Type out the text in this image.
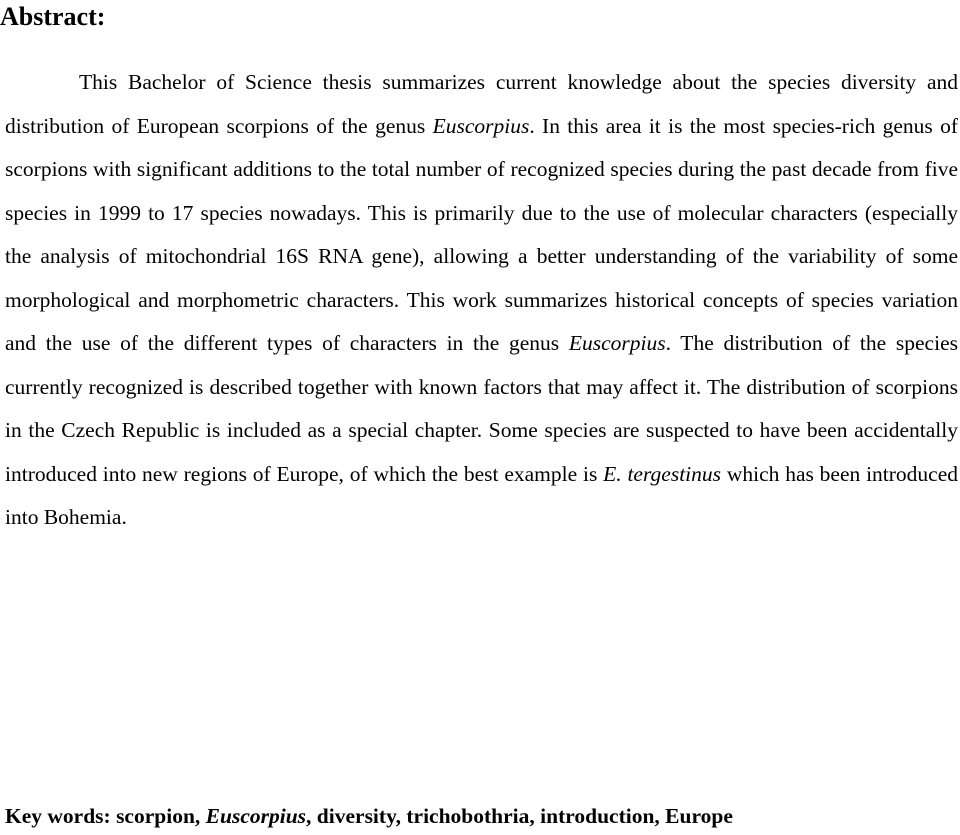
Abstract:

This Bachelor of Science thesis summarizes current knowledge about the species diversity and distribution of European scorpions of the genus Euscorpius. In this area it is the most species-rich genus of scorpions with significant additions to the total number of recognized species during the past decade from five species in 1999 to 17 species nowadays. This is primarily due to the use of molecular characters (especially the analysis of mitochondrial 16S RNA gene), allowing a better understanding of the variability of some morphological and morphometric characters. This work summarizes historical concepts of species variation and the use of the different types of characters in the genus Euscorpius. The distribution of the species currently recognized is described together with known factors that may affect it. The distribution of scorpions in the Czech Republic is included as a special chapter. Some species are suspected to have been accidentally introduced into new regions of Europe, of which the best example is E. tergestinus which has been introduced into Bohemia.

Key words: scorpion, Euscorpius, diversity, trichobothria, introduction, Europe
